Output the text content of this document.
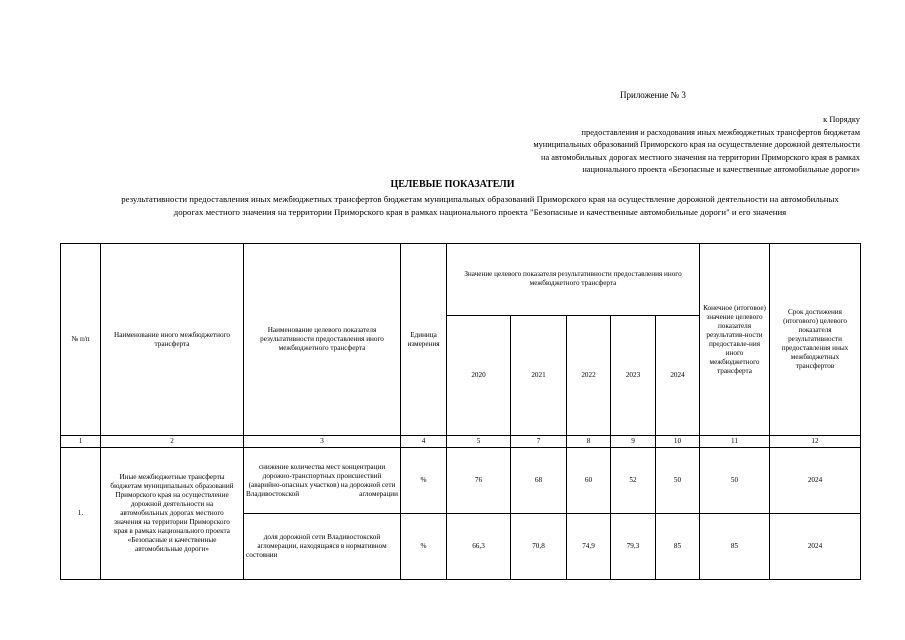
Приложение № 3
к Порядку
предоставления и расходования иных межбюджетных трансфертов бюджетам
муниципальных образований Приморского края на осуществление дорожной деятельности
на автомобильных дорогах местного значения на территории Приморского края в рамках
национального проекта «Безопасные и качественные автомобильные дороги»
ЦЕЛЕВЫЕ ПОКАЗАТЕЛИ
результативности предоставления иных межбюджетных трансфертов бюджетам муниципальных образований Приморского края на осуществление дорожной деятельности на автомобильных дорогах местного значения на территории Приморского края в рамках национального проекта "Безопасные и качественные автомобильные дороги" и его значения
№ п/п	Наименование иного межбюджетного трансферта	Наименование целевого показателя результативности предоставления иного межбюджетного трансферта	Единица измерения	Значение целевого показателя результативности предоставления иного межбюджетного трансферта					Конечное (итоговое) значение целевого показателя результатив-ности предоставле-ния иного межбюджетного трансферта	Срок достижения (итогового) целевого показателя результативности предоставления иных межбюджетных трансфертов
				2020	2021	2022	2023	2024		
1	2	3	4	5	7	8	9	10	11	12
1.	Иные межбюджетные трансферты бюджетам муниципальных образований Приморского края на осуществление дорожной деятельности на автомобильных дорогах местного значения на территории Приморского края в рамках национального проекта «Безопасные и качественные автомобильные дороги»	снижение количества мест концентрации дорожно-транспортных происшествий (аварийно-опасных участков) на дорожной сети Владивостокской агломерации	%	76	68	60	52	50	50	2024
		доля дорожной сети Владивостокской агломерации, находящаяся в нормативном состоянии	%	66,3	70,8	74,9	79,3	85	85	2024
